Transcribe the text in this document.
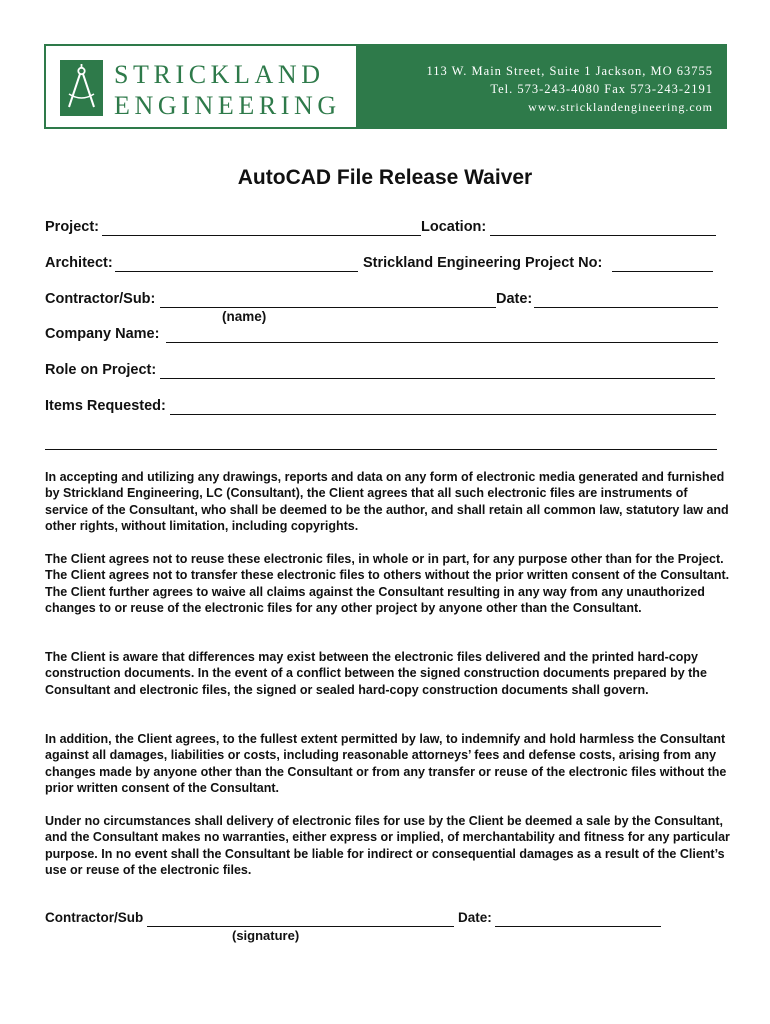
STRICKLAND
ENGINEERING
113 W. Main Street, Suite 1 Jackson, MO 63755
Tel. 573-243-4080 Fax 573-243-2191
www.stricklandengineering.com
AutoCAD File Release Waiver
Project:	Location:
Architect:	Strickland Engineering Project No:
Contractor/Sub:	Date:
(name)
Company Name:
Role on Project:
Items Requested:

In accepting and utilizing any drawings, reports and data on any form of electronic media generated and furnished by Strickland Engineering, LC (Consultant), the Client agrees that all such electronic files are instruments of service of the Consultant, who shall be deemed to be the author, and shall retain all common law, statutory law and other rights, without limitation, including copyrights.

The Client agrees not to reuse these electronic files, in whole or in part, for any purpose other than for the Project. The Client agrees not to transfer these electronic files to others without the prior written consent of the Consultant. The Client further agrees to waive all claims against the Consultant resulting in any way from any unauthorized changes to or reuse of the electronic files for any other project by anyone other than the Consultant.

The Client is aware that differences may exist between the electronic files delivered and the printed hard-copy construction documents. In the event of a conflict between the signed construction documents prepared by the Consultant and electronic files, the signed or sealed hard-copy construction documents shall govern.

In addition, the Client agrees, to the fullest extent permitted by law, to indemnify and hold harmless the Consultant against all damages, liabilities or costs, including reasonable attorneys’ fees and defense costs, arising from any changes made by anyone other than the Consultant or from any transfer or reuse of the electronic files without the prior written consent of the Consultant.

Under no circumstances shall delivery of electronic files for use by the Client be deemed a sale by the Consultant, and the Consultant makes no warranties, either express or implied, of merchantability and fitness for any particular purpose. In no event shall the Consultant be liable for indirect or consequential damages as a result of the Client’s use or reuse of the electronic files.

Contractor/Sub	Date:
(signature)
